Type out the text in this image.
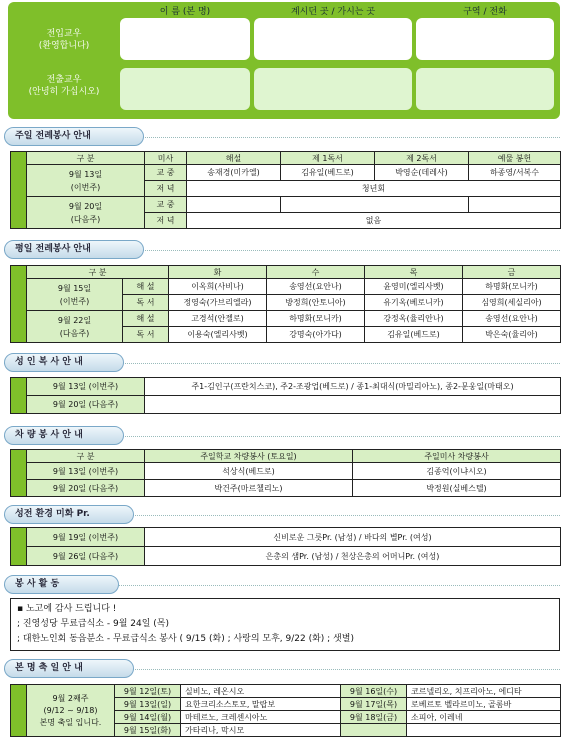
이 름 (본 명)	계시던 곳 / 가시는 곳	구역 / 전화
전입교우
(환영합니다)
전출교우
(안녕히 가십시오)
주일 전례봉사 안내
	구 분	미사	해설	제 1독서	제 2독서	예물 봉헌

	9월 13일
(이번주)	교 중	송재경(미카엘)	김유일(베드로)	박영순(데레사)	하종영/서복수
		저 녁	청년회			

	9월 20일
(다음주)	교 중				
		저 녁	없음			
평일 전례봉사 안내
	구 분		화	수	목	금

	9월 15일
(이번주)	해 설	이옥희(사비나)	송영선(요안나)	윤영미(엘리사벳)	하명화(모니카)
		독 서	정영숙(가브리엘라)	방정희(안토니아)	유기옥(베로니카)	심영희(세실리아)

	9월 22일
(다음주)	해 설	고경석(안젤로)	하명화(모니카)	강정옥(율리안나)	송영선(요안나)
		독 서	이용숙(엘리사벳)	강명숙(아가다)	김유일(베드로)	박은숙(율리아)
성 인 복 사 안 내
	9월 13일 (이번주)	주1-김인구(프란치스코), 주2-조광업(베드로) / 종1-최대식(마밀리아노), 종2-문웅일(마태오)
	9월 20일 (다음주)	
차 량 봉 사 안 내
	구 분	주일학교 차량봉사 (토요일)	주일미사 차량봉사
	9월 13일 (이번주)	석상식(베드로)	김종억(이냐시오)
	9월 20일 (다음주)	박건주(마르첼리노)	박정원(실베스텔)
성전 환경 미화 Pr.
	9월 19일 (이번주)	신비로운 그릇Pr. (남성) / 바다의 별Pr. (여성)
	9월 26일 (다음주)	은총의 샘Pr. (남성) / 천상은총의 어머니Pr. (여성)
봉 사 활 동
▪ 노고에 감사 드립니다 !
; 진영성당 무료급식소 - 9월 24일 (목)
; 대한노인회 동읍분소 - 무료급식소 봉사 ( 9/15 (화) ; 사랑의 모후, 9/22 (화) ; 샛별)
본 명 축 일 안 내

	9월 2째주
(9/12 ~ 9/18)
본명 축일 입니다.	9월 12일(토)	실비노, 레온시오	9월 16일(수)	코르넬리오, 치프리아노, 에디타
		9월 13일(일)	요한크리소스토모, 말랍보	9월 17일(목)	로베르토 벨라르미노, 골롬바
		9월 14일(월)	마테르노, 크레센시아노	9월 18일(금)	소피아, 이레네
		9월 15일(화)	가타리나, 막시모		
